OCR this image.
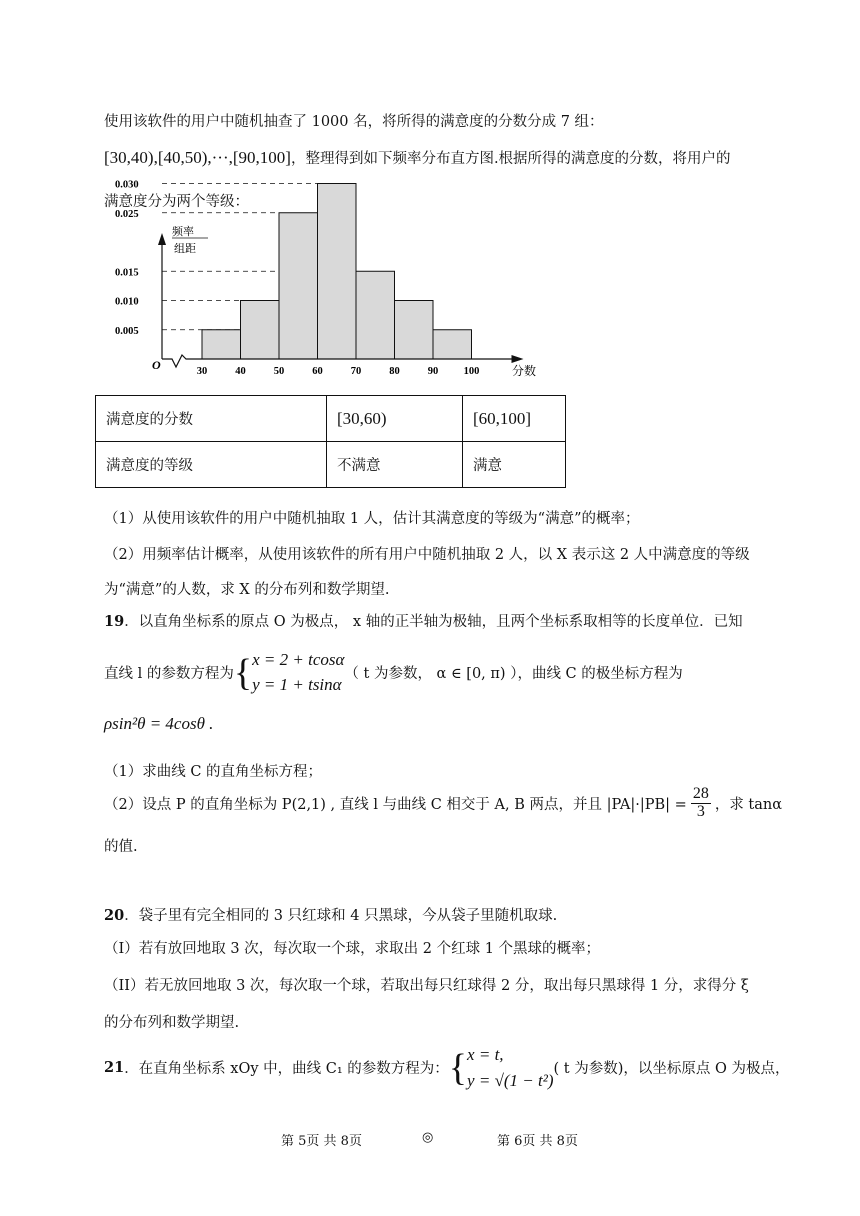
使用该软件的用户中随机抽查了 1000 名，将所得的满意度的分数分成 7 组：
[30,40),[40,50),···,[90,100]，整理得到如下频率分布直方图.根据所得的满意度的分数，将用户的
满意度分为两个等级：
30	40	50	60	70	80	90 100
0.030
0.025
0.015
0.010
0.005
频率
组距
分数
O
满意度的分数	[30,60)	[60,100]
满意度的等级	不满意	满意
（1）从使用该软件的用户中随机抽取 1 人，估计其满意度的等级为“满意”的概率；
（2）用频率估计概率，从使用该软件的所有用户中随机抽取 2 人，以 X 表示这 2 人中满意度的等级
为“满意”的人数，求 X 的分布列和数学期望.
19．以直角坐标系的原点 O 为极点， x 轴的正半轴为极轴，且两个坐标系取相等的长度单位．已知
直线 l 的参数方程为 { x = 2 + tcosα
y = 1 + tsinα
（ t 为参数， α ∈ [0, π) ），曲线 C 的极坐标方程为
ρsin²θ = 4cosθ .
（1）求曲线 C 的直角坐标方程；
（2）设点 P 的直角坐标为 P(2,1) , 直线 l 与曲线 C 相交于 A, B 两点，并且 $|PA|\cdot|PB| = \frac{28}{3}$ ，求 tanα
的值.
20．袋子里有完全相同的 3 只红球和 4 只黑球，今从袋子里随机取球.
（I）若有放回地取 3 次，每次取一个球，求取出 2 个红球 1 个黑球的概率；
（II）若无放回地取 3 次，每次取一个球，若取出每只红球得 2 分，取出每只黑球得 1 分，求得分 ξ
的分布列和数学期望.
21 ．在直角坐标系 xOy 中，曲线 C₁ 的参数方程为： { x = t,
y = √(1 − t²)
( t 为参数)，以坐标原点 O 为极点，
第 5页 共 8页	◎	第 6页 共 8页
